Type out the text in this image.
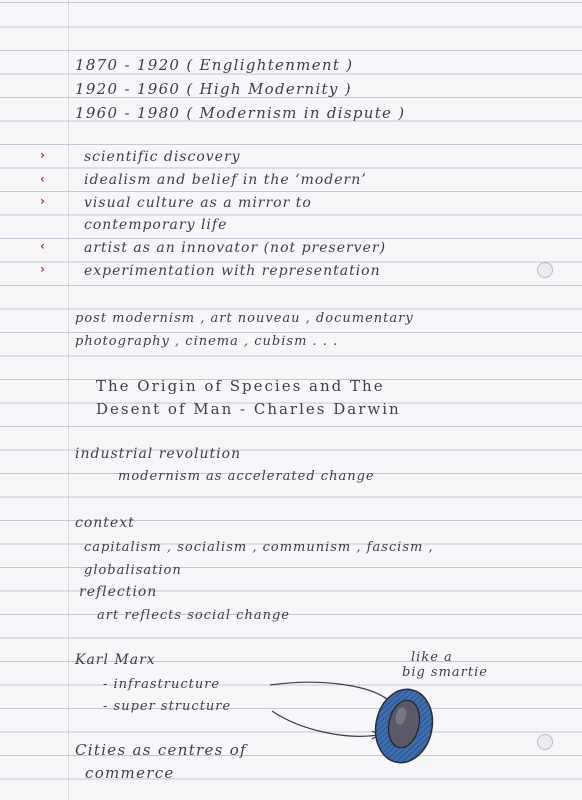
1870 - 1920 ( Englightenment )
1920 - 1960 ( High Modernity )
1960 - 1980 ( Modernism in dispute )
›	scientific discovery
‹	idealism and belief in the ‘modern’
›	visual culture as a mirror to
contemporary life
‹	artist as an innovator (not preserver)
›	experimentation with representation
post modernism , art nouveau , documentary
photography , cinema , cubism . . .
The Origin of Species and The
Desent of Man - Charles Darwin
industrial revolution
modernism as accelerated change
context
capitalism , socialism , communism , fascism ,
globalisation
reflection
art reflects social change
Karl Marx
- infrastructure
- super structure
like a
big smartie
Cities as centres of
commerce
